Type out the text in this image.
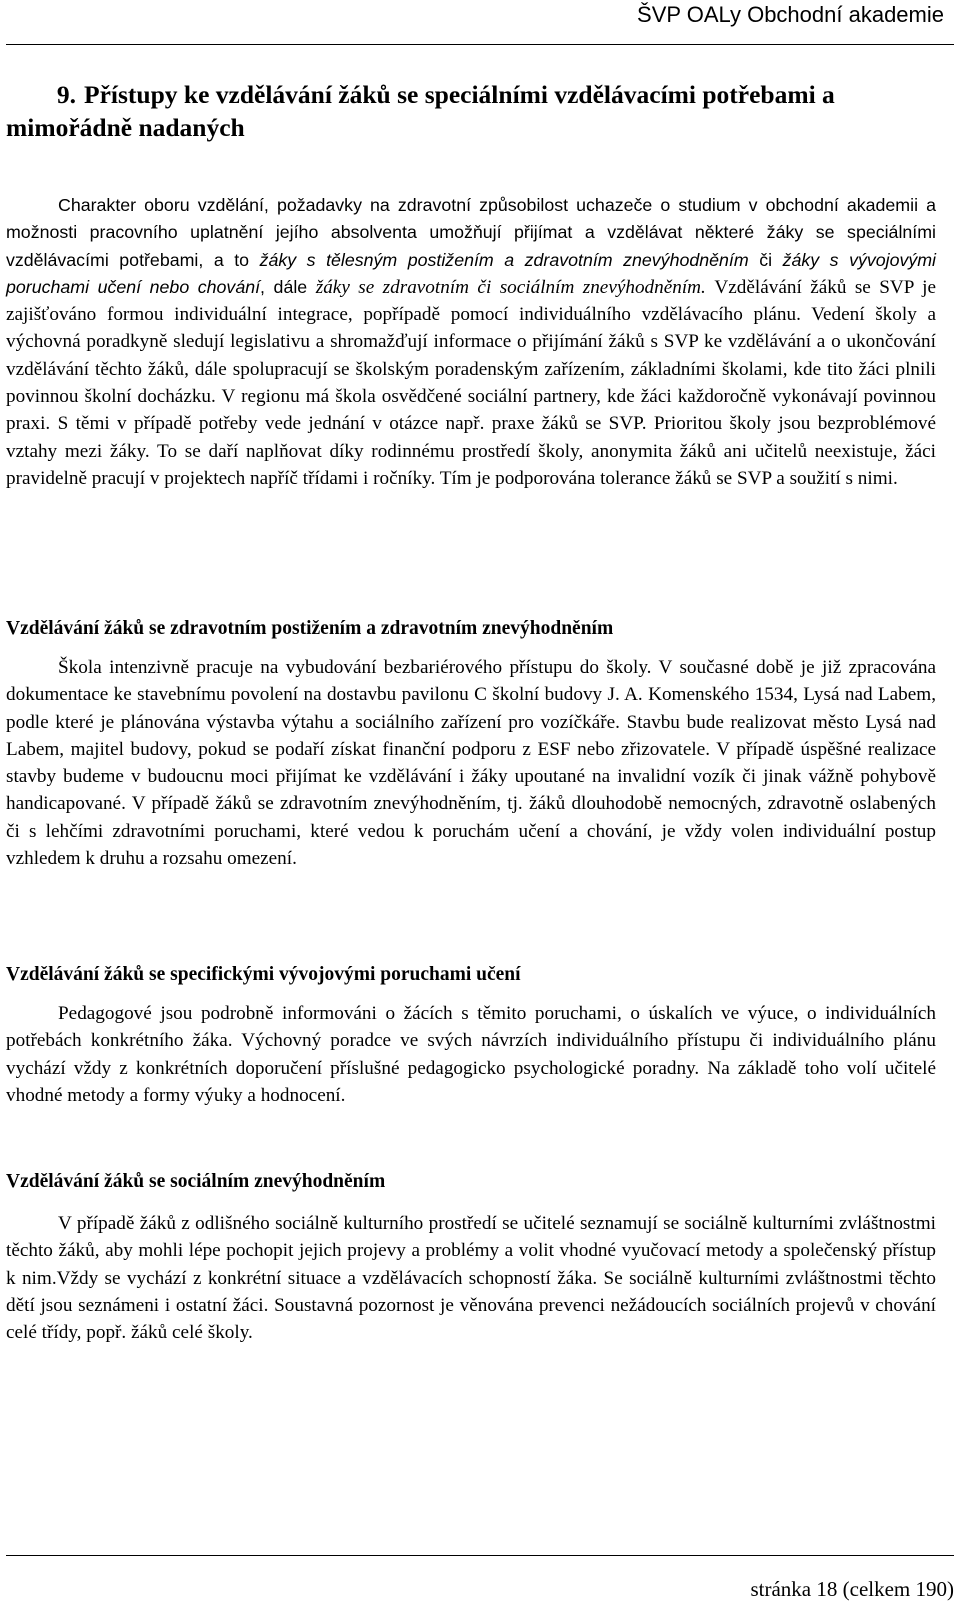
ŠVP OALy Obchodní akademie
9. Přístupy ke vzdělávání žáků se speciálními vzdělávacími potřebami a mimořádně nadaných

Charakter oboru vzdělání, požadavky na zdravotní způsobilost uchazeče o studium v obchodní akademii a možnosti pracovního uplatnění jejího absolventa umožňují přijímat a vzdělávat některé žáky se speciálními vzdělávacími potřebami, a to žáky s tělesným postižením a zdravotním znevýhodněním či žáky s vývojovými poruchami učení nebo chování, dále žáky se zdravotním či sociálním znevýhodněním. Vzdělávání žáků se SVP je zajišťováno formou individuální integrace, popřípadě pomocí individuálního vzdělávacího plánu. Vedení školy a výchovná poradkyně sledují legislativu a shromažďují informace o přijímání žáků s SVP ke vzdělávání a o ukončování vzdělávání těchto žáků, dále spolupracují se školským poradenským zařízením, základními školami, kde tito žáci plnili povinnou školní docházku. V regionu má škola osvědčené sociální partnery, kde žáci každoročně vykonávají povinnou praxi. S těmi v případě potřeby vede jednání v otázce např. praxe žáků se SVP. Prioritou školy jsou bezproblémové vztahy mezi žáky. To se daří naplňovat díky rodinnému prostředí školy, anonymita žáků ani učitelů neexistuje, žáci pravidelně pracují v projektech napříč třídami i ročníky. Tím je podporována tolerance žáků se SVP a soužití s nimi.

Vzdělávání žáků se zdravotním postižením a zdravotním znevýhodněním

Škola intenzivně pracuje na vybudování bezbariérového přístupu do školy. V současné době je již zpracována dokumentace ke stavebnímu povolení na dostavbu pavilonu C školní budovy J. A. Komenského 1534, Lysá nad Labem, podle které je plánována výstavba výtahu a sociálního zařízení pro vozíčkáře. Stavbu bude realizovat město Lysá nad Labem, majitel budovy, pokud se podaří získat finanční podporu z ESF nebo zřizovatele. V případě úspěšné realizace stavby budeme v budoucnu moci přijímat ke vzdělávání i žáky upoutané na invalidní vozík či jinak vážně pohybově handicapované. V případě žáků se zdravotním znevýhodněním, tj. žáků dlouhodobě nemocných, zdravotně oslabených či s lehčími zdravotními poruchami, které vedou k poruchám učení a chování, je vždy volen individuální postup vzhledem k druhu a rozsahu omezení.

Vzdělávání žáků se specifickými vývojovými poruchami učení

Pedagogové jsou podrobně informováni o žácích s těmito poruchami, o úskalích ve výuce, o individuálních potřebách konkrétního žáka. Výchovný poradce ve svých návrzích individuálního přístupu či individuálního plánu vychází vždy z konkrétních doporučení příslušné pedagogicko psychologické poradny. Na základě toho volí učitelé vhodné metody a formy výuky a hodnocení.

Vzdělávání žáků se sociálním znevýhodněním

V případě žáků z odlišného sociálně kulturního prostředí se učitelé seznamují se sociálně kulturními zvláštnostmi těchto žáků, aby mohli lépe pochopit jejich projevy a problémy a volit vhodné vyučovací metody a společenský přístup k nim.Vždy se vychází z konkrétní situace a vzdělávacích schopností žáka. Se sociálně kulturními zvláštnostmi těchto dětí jsou seznámeni i ostatní žáci. Soustavná pozornost je věnována prevenci nežádoucích sociálních projevů v chování celé třídy, popř. žáků celé školy.

stránka 18 (celkem 190)
